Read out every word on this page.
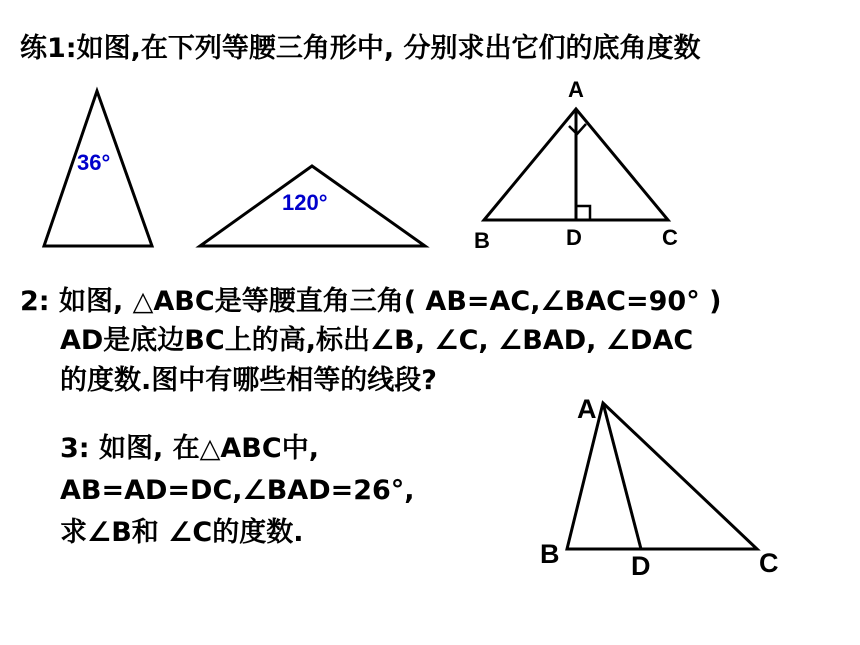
练1:如图,在下列等腰三角形中, 分别求出它们的底角度数
2: 如图, △ABC是等腰直角三角( AB=AC,∠BAC=90° )
AD是底边BC上的高,标出∠B, ∠C, ∠BAD, ∠DAC
的度数.图中有哪些相等的线段?
3: 如图, 在△ABC中,
AB=AD=DC,∠BAD=26°,
求∠B和 ∠C的度数.
36°
120°
A
B	D	C
A
B	D	C
